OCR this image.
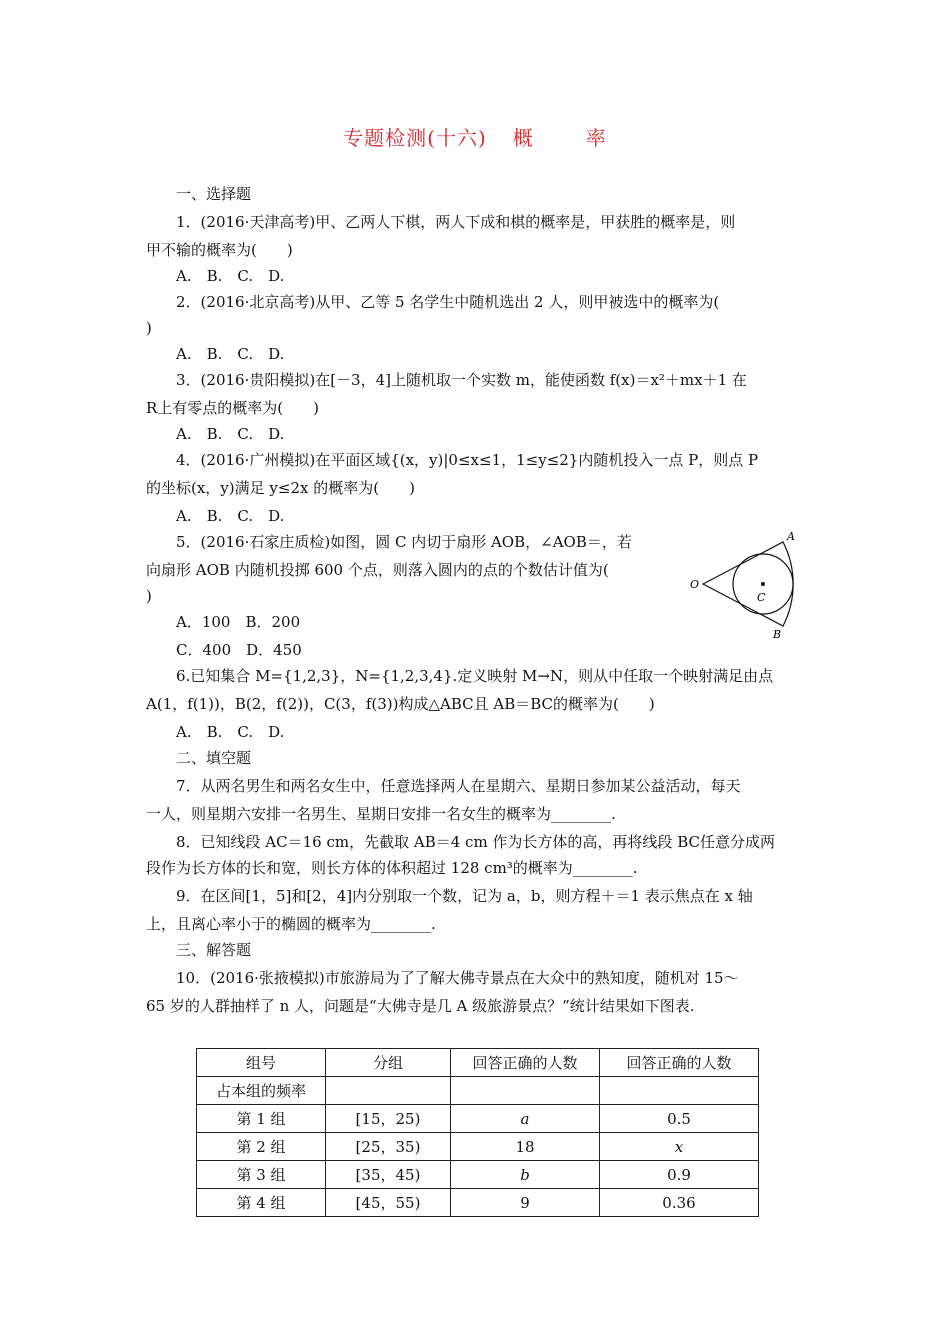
专题检测(十六) 概	率
一、选择题
1．(2016·天津高考)甲、乙两人下棋，两人下成和棋的概率是，甲获胜的概率是，则
甲不输的概率为(　　)
A.　B.　C.　D.
2．(2016·北京高考)从甲、乙等 5 名学生中随机选出 2 人，则甲被选中的概率为(
)
A.　B.　C.　D.
3．(2016·贵阳模拟)在[－3，4]上随机取一个实数 m，能使函数 f(x)＝x²＋mx＋1 在
R上有零点的概率为(　　)
A.　B.　C.　D.
4．(2016·广州模拟)在平面区域{(x，y)|0≤x≤1，1≤y≤2}内随机投入一点 P，则点 P
的坐标(x，y)满足 y≤2x 的概率为(　　)
A.　B.　C.　D.
5．(2016·石家庄质检)如图，圆 C 内切于扇形 AOB，∠AOB＝，若
向扇形 AOB 内随机投掷 600 个点，则落入圆内的点的个数估计值为(
)
A．100　B．200
C．400　D．450
6.已知集合 M={1,2,3}，N={1,2,3,4}.定义映射 M→N，则从中任取一个映射满足由点
A(1，f(1))，B(2，f(2))，C(3，f(3))构成△ABC且 AB＝BC的概率为(　　)
A.　B.　C.　D.
二、填空题
7．从两名男生和两名女生中，任意选择两人在星期六、星期日参加某公益活动，每天
一人，则星期六安排一名男生、星期日安排一名女生的概率为________.
8．已知线段 AC＝16 cm，先截取 AB＝4 cm 作为长方体的高，再将线段 BC任意分成两
段作为长方体的长和宽，则长方体的体积超过 128 cm³的概率为________.
9．在区间[1，5]和[2，4]内分别取一个数，记为 a，b，则方程＋＝1 表示焦点在 x 轴
上，且离心率小于的椭圆的概率为________.
三、解答题
10．(2016·张掖模拟)市旅游局为了了解大佛寺景点在大众中的熟知度，随机对 15～
65 岁的人群抽样了 n 人，问题是“大佛寺是几 A 级旅游景点？”统计结果如下图表.
A
B
O
C
组号	分组	回答正确的人数	回答正确的人数
占本组的频率			
第 1 组	[15，25)	a	0.5
第 2 组	[25，35)	18	x
第 3 组	[35，45)	b	0.9
第 4 组	[45，55)	9	0.36
